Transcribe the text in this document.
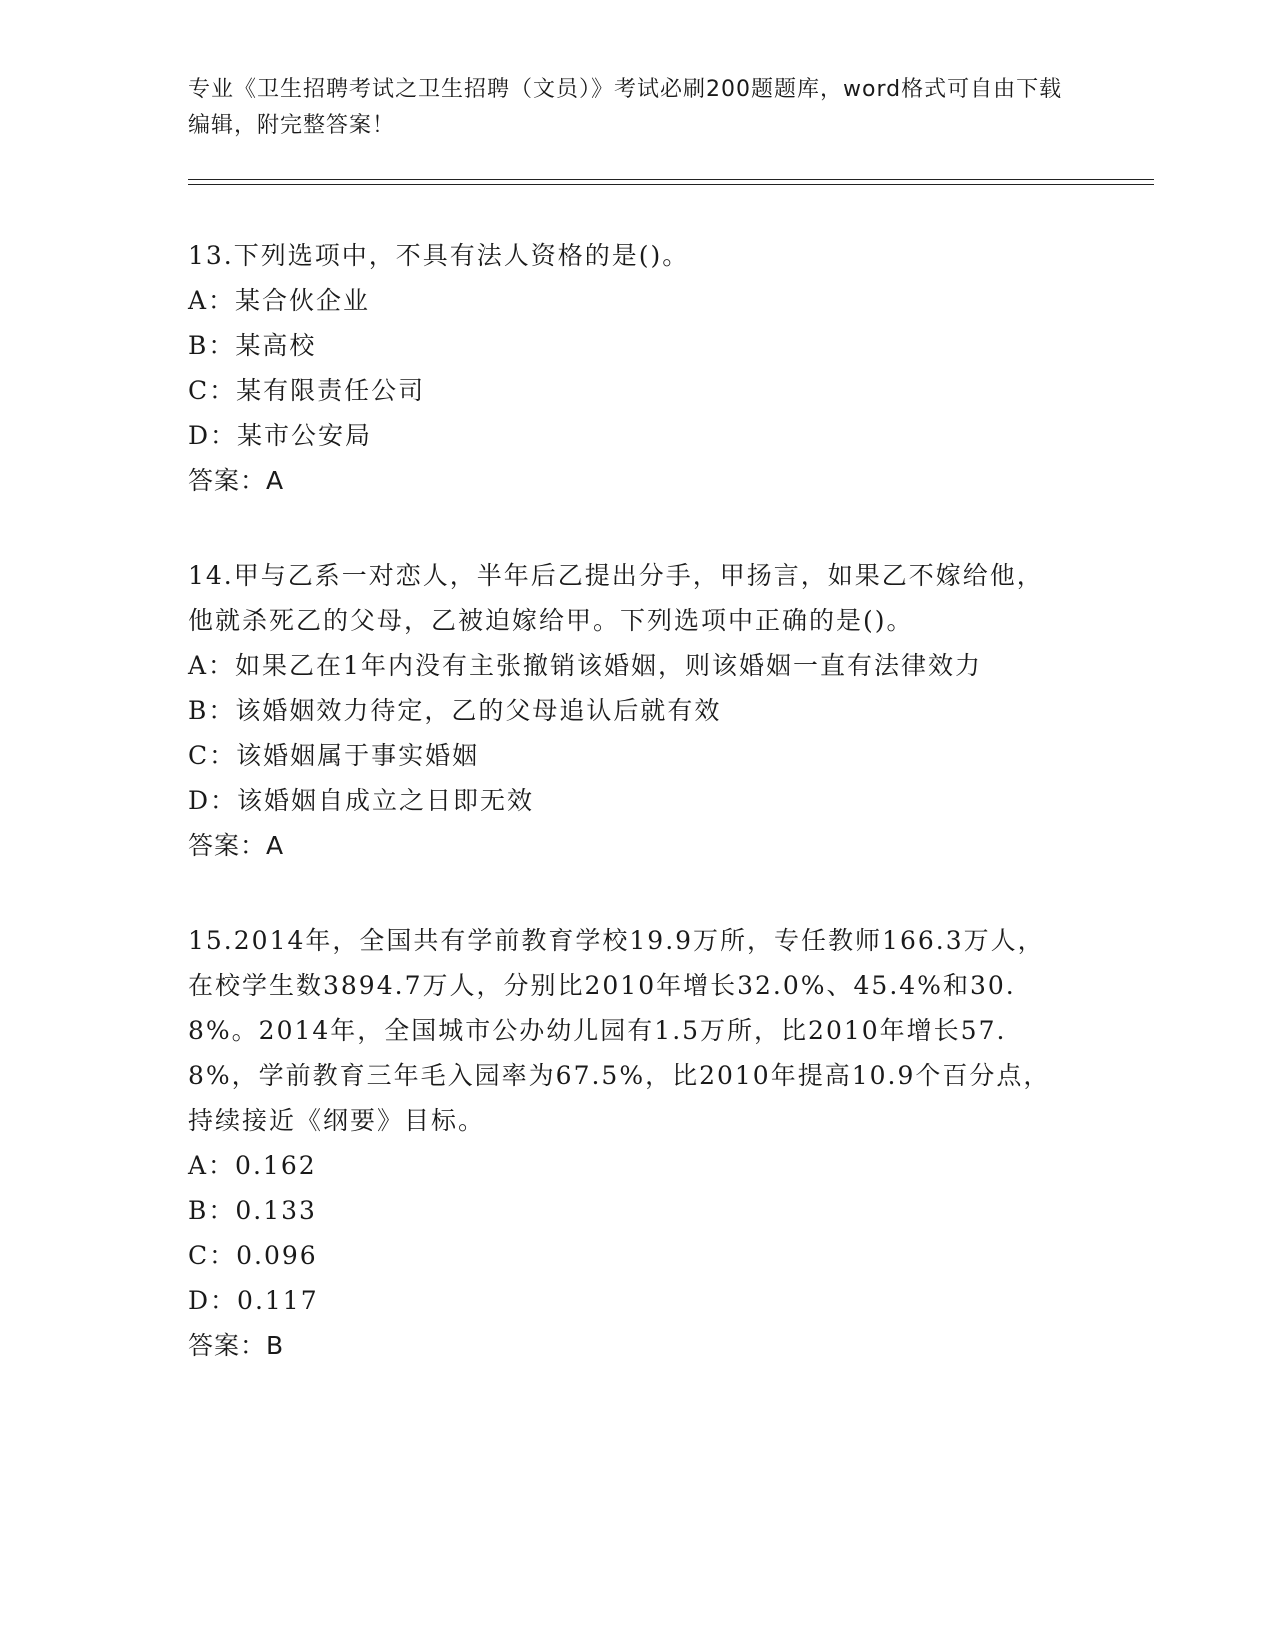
专业《卫生招聘考试之卫生招聘（文员）》考试必刷200题题库，word格式可自由下载编辑，附完整答案！
13.下列选项中，不具有法人资格的是()。
A：某合伙企业
B：某高校
C：某有限责任公司
D：某市公安局
答案：A
14.甲与乙系一对恋人，半年后乙提出分手，甲扬言，如果乙不嫁给他，他就杀死乙的父母，乙被迫嫁给甲。下列选项中正确的是()。
A：如果乙在1年内没有主张撤销该婚姻，则该婚姻一直有法律效力
B：该婚姻效力待定，乙的父母追认后就有效
C：该婚姻属于事实婚姻
D：该婚姻自成立之日即无效
答案：A
15.2014年，全国共有学前教育学校19.9万所，专任教师166.3万人，在校学生数3894.7万人，分别比2010年增长32.0%、45.4%和30.8%。2014年，全国城市公办幼儿园有1.5万所，比2010年增长57.8%，学前教育三年毛入园率为67.5%，比2010年提高10.9个百分点，持续接近《纲要》目标。
A：0.162
B：0.133
C：0.096
D：0.117
答案：B
